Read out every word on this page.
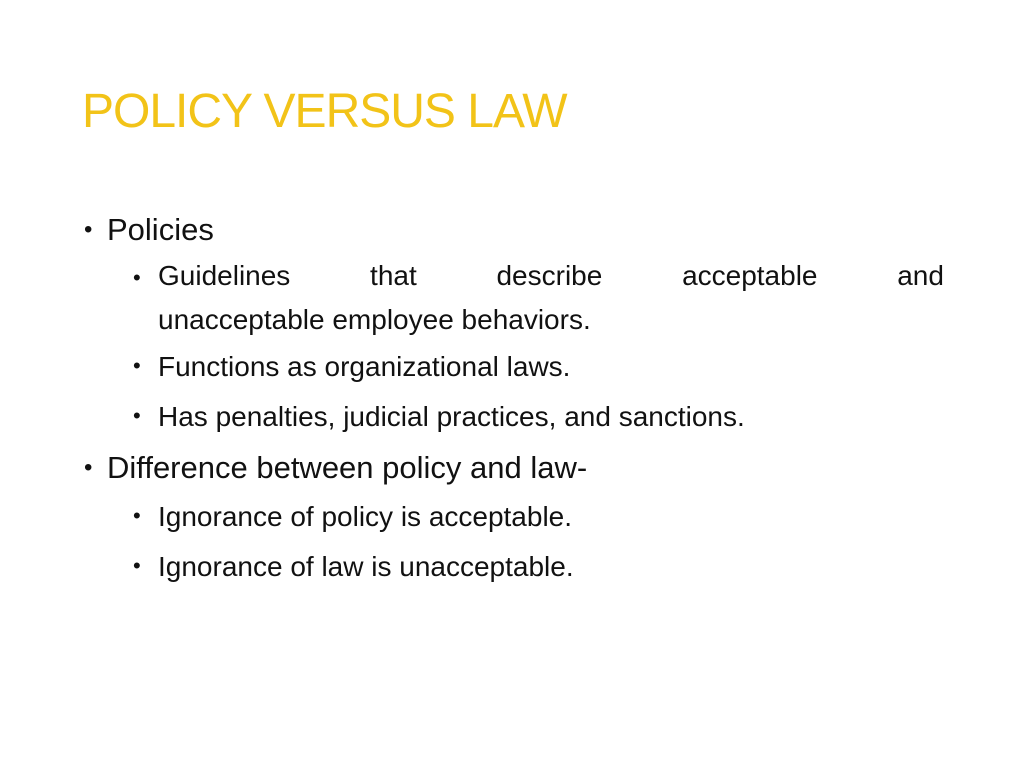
POLICY VERSUS LAW
• Policies
• Guidelines	that	describe	acceptable	and
unacceptable employee behaviors.
• Functions as organizational laws.
• Has penalties, judicial practices, and sanctions.
• Difference between policy and law-
• Ignorance of policy is acceptable.
• Ignorance of law is unacceptable.
